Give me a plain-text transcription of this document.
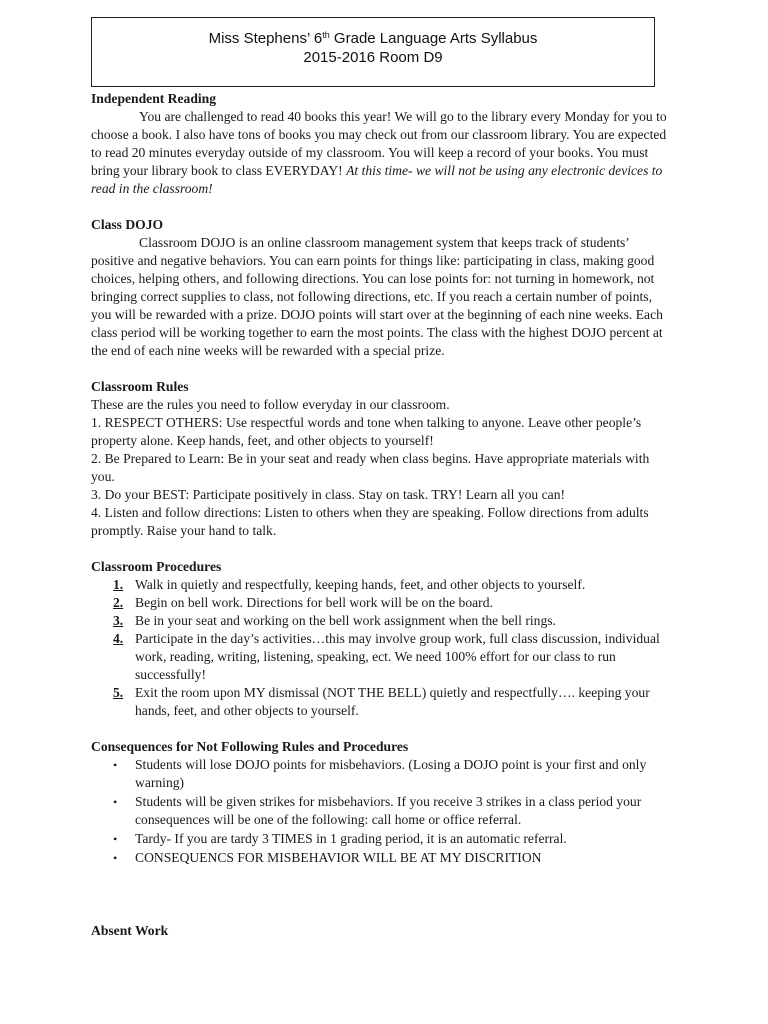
Miss Stephens’ 6th Grade Language Arts Syllabus
2015-2016 Room D9

Independent Reading

You are challenged to read 40 books this year! We will go to the library every Monday for you to choose a book. I also have tons of books you may check out from our classroom library. You are expected to read 20 minutes everyday outside of my classroom. You will keep a record of your books. You must bring your library book to class EVERYDAY! At this time- we will not be using any electronic devices to read in the classroom!

Class DOJO

Classroom DOJO is an online classroom management system that keeps track of students’ positive and negative behaviors. You can earn points for things like: participating in class, making good choices, helping others, and following directions. You can lose points for: not turning in homework, not bringing correct supplies to class, not following directions, etc. If you reach a certain number of points, you will be rewarded with a prize. DOJO points will start over at the beginning of each nine weeks. Each class period will be working together to earn the most points. The class with the highest DOJO percent at the end of each nine weeks will be rewarded with a special prize.

Classroom Rules

These are the rules you need to follow everyday in our classroom.

1. RESPECT OTHERS: Use respectful words and tone when talking to anyone. Leave other people’s property alone. Keep hands, feet, and other objects to yourself!

2. Be Prepared to Learn: Be in your seat and ready when class begins. Have appropriate materials with you.

3. Do your BEST: Participate positively in class. Stay on task. TRY! Learn all you can!

4. Listen and follow directions: Listen to others when they are speaking. Follow directions from adults promptly. Raise your hand to talk.

Classroom Procedures

1. Walk in quietly and respectfully, keeping hands, feet, and other objects to yourself.
2. Begin on bell work. Directions for bell work will be on the board.
3. Be in your seat and working on the bell work assignment when the bell rings.
4. Participate in the day’s activities…this may involve group work, full class discussion, individual work, reading, writing, listening, speaking, ect. We need 100% effort for our class to run successfully!
5. Exit the room upon MY dismissal (NOT THE BELL) quietly and respectfully…. keeping your hands, feet, and other objects to yourself.

Consequences for Not Following Rules and Procedures

• Students will lose DOJO points for misbehaviors. (Losing a DOJO point is your first and only warning)
• Students will be given strikes for misbehaviors. If you receive 3 strikes in a class period your consequences will be one of the following: call home or office referral.
• Tardy- If you are tardy 3 TIMES in 1 grading period, it is an automatic referral.
• CONSEQUENCS FOR MISBEHAVIOR WILL BE AT MY DISCRITION

Absent Work
